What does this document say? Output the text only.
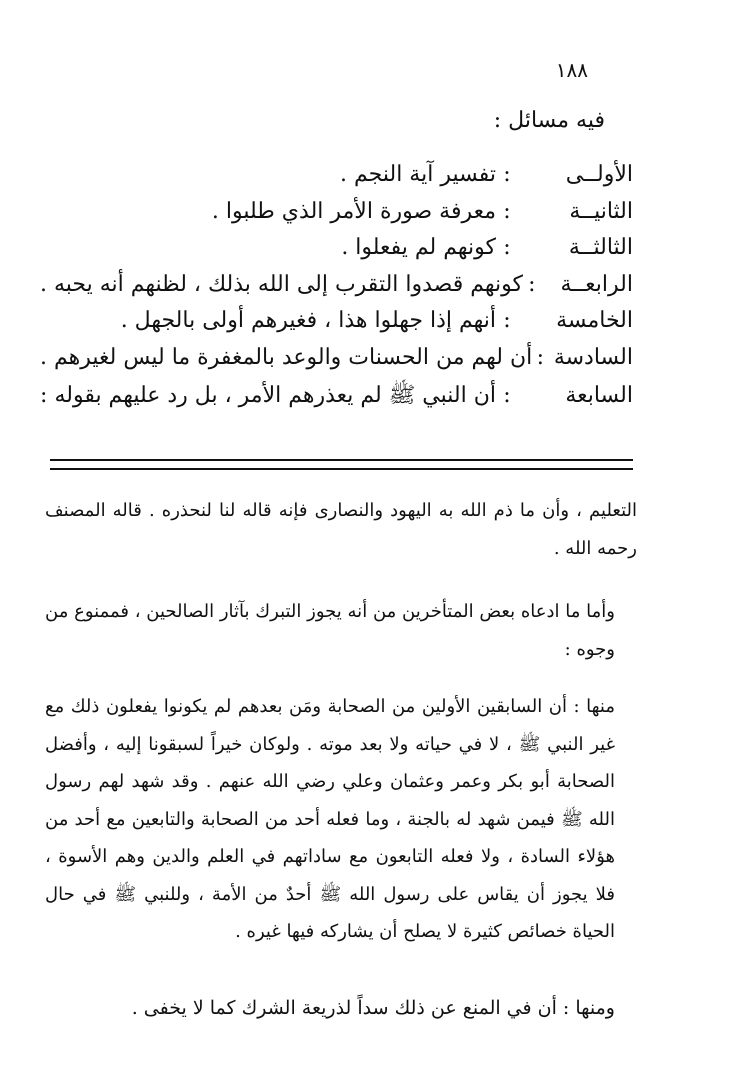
١٨٨
فيه مسائل :
الأولــى
:
تفسير آية النجم .
الثانيــة
:
معرفة صورة الأمر الذي طلبوا .
الثالثــة
:
كونهم لم يفعلوا .
الرابعــة
:
كونهم قصدوا التقرب إلى الله بذلك ، لظنهم أنه يحبه .
الخامسة
:
أنهم إذا جهلوا هذا ، فغيرهم أولى بالجهل .
السادسة
:
أن لهم من الحسنات والوعد بالمغفرة ما ليس لغيرهم .
السابعة
:
أن النبي ﷺ لم يعذرهم الأمر ، بل رد عليهم بقوله :

التعليم ، وأن ما ذم الله به اليهود والنصارى فإنه قاله لنا لنحذره . قاله المصنف رحمه الله .

وأما ما ادعاه بعض المتأخرين من أنه يجوز التبرك بآثار الصالحين ، فممنوع من وجوه :

منها : أن السابقين الأولين من الصحابة ومَن بعدهم لم يكونوا يفعلون ذلك مع غير النبي ﷺ ، لا في حياته ولا بعد موته . ولوكان خيراً لسبقونا إليه ، وأفضل الصحابة أبو بكر وعمر وعثمان وعلي رضي الله عنهم . وقد شهد لهم رسول الله ﷺ فيمن شهد له بالجنة ، وما فعله أحد من الصحابة والتابعين مع أحد من هؤلاء السادة ، ولا فعله التابعون مع ساداتهم في العلم والدين وهم الأسوة ، فلا يجوز أن يقاس على رسول الله ﷺ أحدٌ من الأمة ، وللنبي ﷺ في حال الحياة خصائص كثيرة لا يصلح أن يشاركه فيها غيره .

ومنها : أن في المنع عن ذلك سداً لذريعة الشرك كما لا يخفى .
